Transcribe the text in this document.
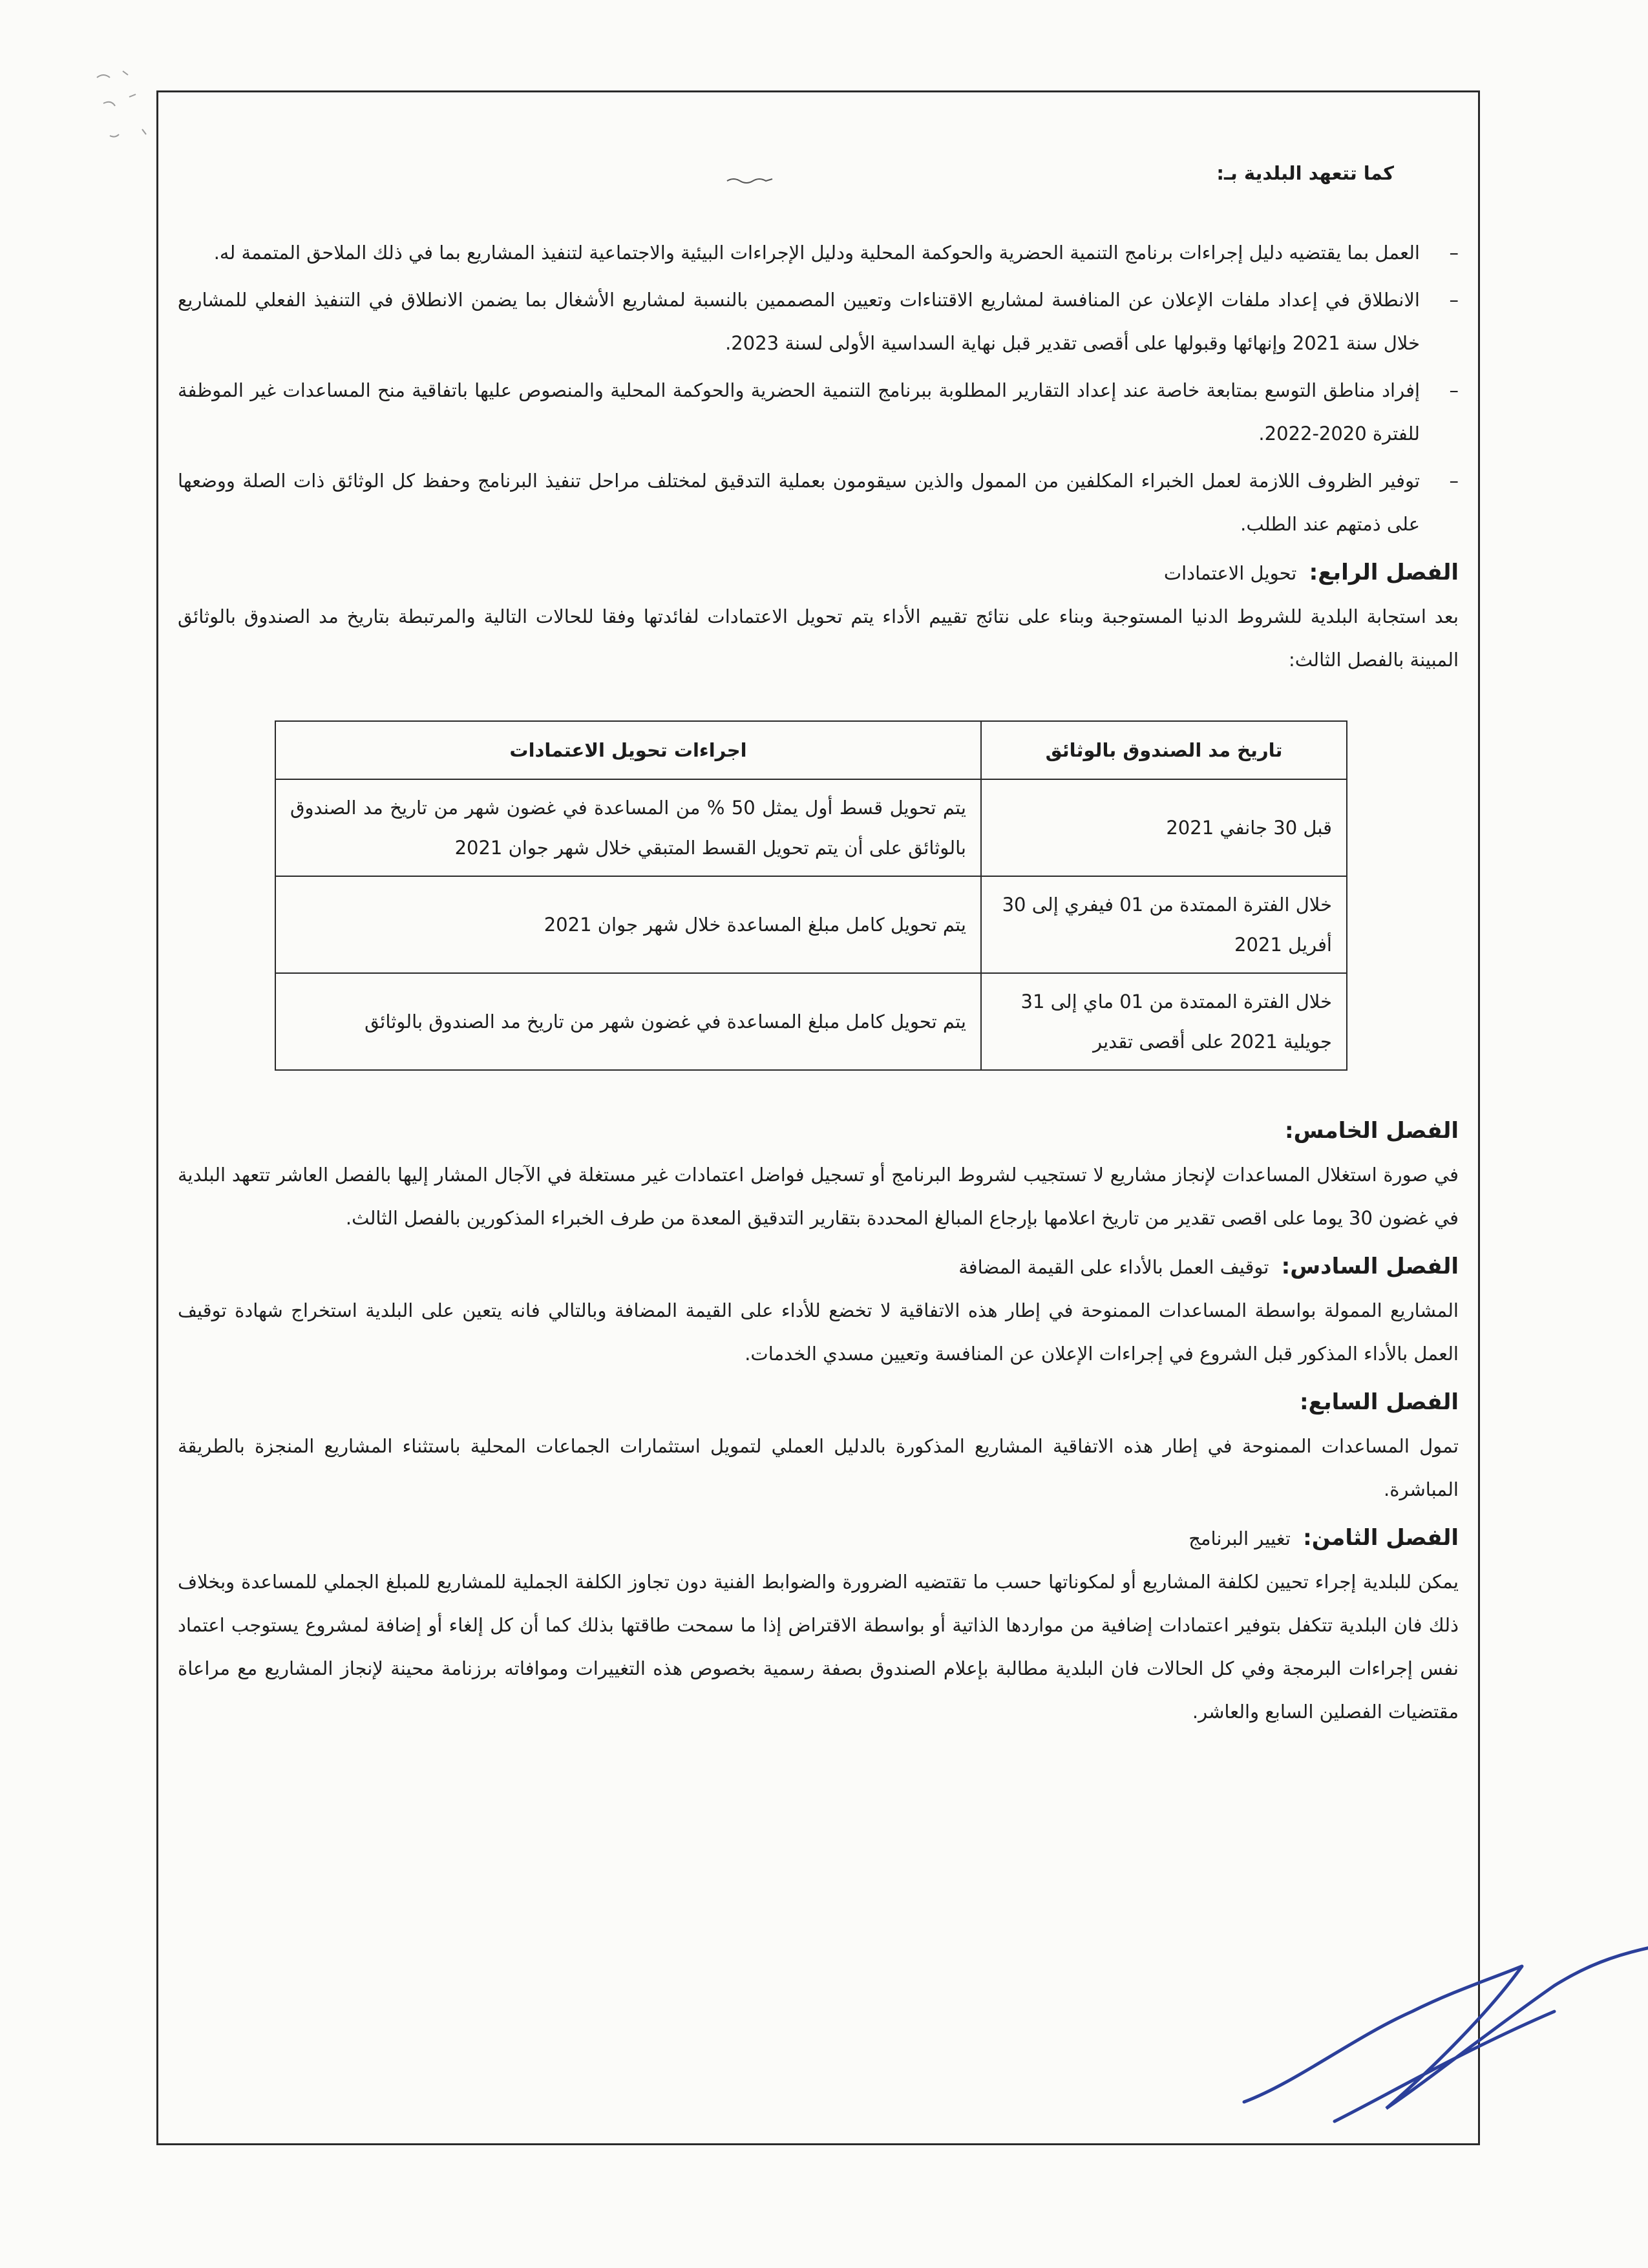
كما تتعهد البلدية بـ:
–
العمل بما يقتضيه دليل إجراءات برنامج التنمية الحضرية والحوكمة المحلية ودليل الإجراءات البيئية والاجتماعية لتنفيذ المشاريع بما في ذلك الملاحق المتممة له.
–
الانطلاق في إعداد ملفات الإعلان عن المنافسة لمشاريع الاقتناءات وتعيين المصممين بالنسبة لمشاريع الأشغال بما يضمن الانطلاق في التنفيذ الفعلي للمشاريع خلال سنة 2021 وإنهائها وقبولها على أقصى تقدير قبل نهاية السداسية الأولى لسنة 2023.
–
إفراد مناطق التوسع بمتابعة خاصة عند إعداد التقارير المطلوبة ببرنامج التنمية الحضرية والحوكمة المحلية والمنصوص عليها باتفاقية منح المساعدات غير الموظفة للفترة 2020-2022.
–
توفير الظروف اللازمة لعمل الخبراء المكلفين من الممول والذين سيقومون بعملية التدقيق لمختلف مراحل تنفيذ البرنامج وحفظ كل الوثائق ذات الصلة ووضعها على ذمتهم عند الطلب.
الفصل الرابع: تحويل الاعتمادات

بعد استجابة البلدية للشروط الدنيا المستوجبة وبناء على نتائج تقييم الأداء يتم تحويل الاعتمادات لفائدتها وفقا للحالات التالية والمرتبطة بتاريخ مد الصندوق بالوثائق المبينة بالفصل الثالث:

تاريخ مد الصندوق بالوثائق	اجراءات تحويل الاعتمادات
قبل 30 جانفي 2021	يتم تحويل قسط أول يمثل 50 % من المساعدة في غضون شهر من تاريخ مد الصندوق بالوثائق على أن يتم تحويل القسط المتبقي خلال شهر جوان 2021
خلال الفترة الممتدة من 01 فيفري إلى 30 أفريل 2021	يتم تحويل كامل مبلغ المساعدة خلال شهر جوان 2021
خلال الفترة الممتدة من 01 ماي إلى 31 جويلية 2021 على أقصى تقدير	يتم تحويل كامل مبلغ المساعدة في غضون شهر من تاريخ مد الصندوق بالوثائق
الفصل الخامس:

في صورة استغلال المساعدات لإنجاز مشاريع لا تستجيب لشروط البرنامج أو تسجيل فواضل اعتمادات غير مستغلة في الآجال المشار إليها بالفصل العاشر تتعهد البلدية في غضون 30 يوما على اقصى تقدير من تاريخ اعلامها بإرجاع المبالغ المحددة بتقارير التدقيق المعدة من طرف الخبراء المذكورين بالفصل الثالث.

الفصل السادس: توقيف العمل بالأداء على القيمة المضافة

المشاريع الممولة بواسطة المساعدات الممنوحة في إطار هذه الاتفاقية لا تخضع للأداء على القيمة المضافة وبالتالي فانه يتعين على البلدية استخراج شهادة توقيف العمل بالأداء المذكور قبل الشروع في إجراءات الإعلان عن المنافسة وتعيين مسدي الخدمات.

الفصل السابع:

تمول المساعدات الممنوحة في إطار هذه الاتفاقية المشاريع المذكورة بالدليل العملي لتمويل استثمارات الجماعات المحلية باستثناء المشاريع المنجزة بالطريقة المباشرة.

الفصل الثامن: تغيير البرنامج

يمكن للبلدية إجراء تحيين لكلفة المشاريع أو لمكوناتها حسب ما تقتضيه الضرورة والضوابط الفنية دون تجاوز الكلفة الجملية للمشاريع للمبلغ الجملي للمساعدة وبخلاف ذلك فان البلدية تتكفل بتوفير اعتمادات إضافية من مواردها الذاتية أو بواسطة الاقتراض إذا ما سمحت طاقتها بذلك كما أن كل إلغاء أو إضافة لمشروع يستوجب اعتماد نفس إجراءات البرمجة وفي كل الحالات فان البلدية مطالبة بإعلام الصندوق بصفة رسمية بخصوص هذه التغييرات وموافاته برزنامة محينة لإنجاز المشاريع مع مراعاة مقتضيات الفصلين السابع والعاشر.
